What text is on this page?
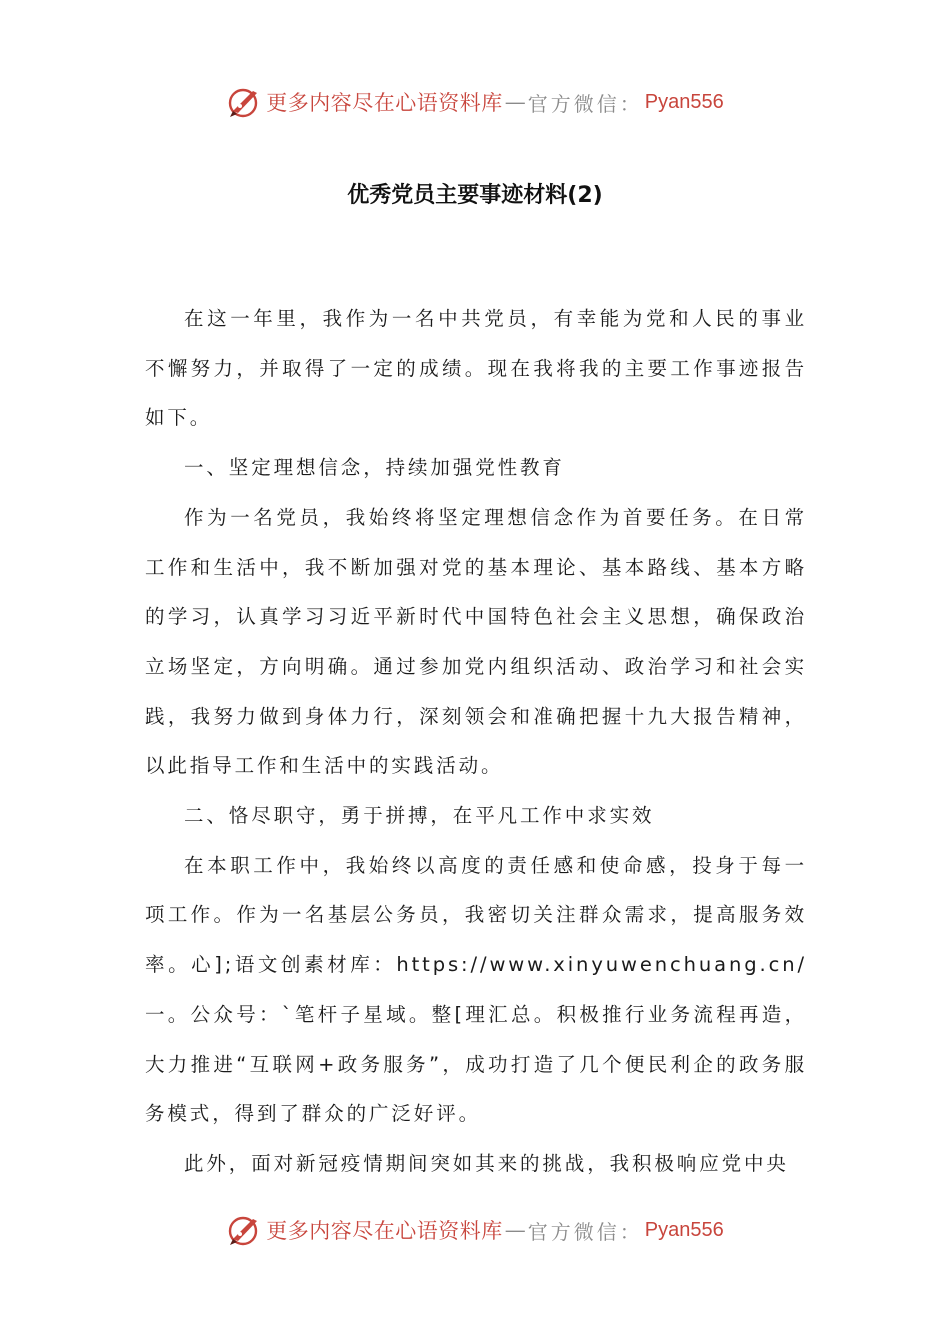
更多内容尽在心语资料库 — 官方微信： Pyan556
优秀党员主要事迹材料(2)

在这一年里，我作为一名中共党员，有幸能为党和人民的事业不懈努力，并取得了一定的成绩。现在我将我的主要工作事迹报告如下。

一、坚定理想信念，持续加强党性教育

作为一名党员，我始终将坚定理想信念作为首要任务。在日常工作和生活中，我不断加强对党的基本理论、基本路线、基本方略的学习，认真学习习近平新时代中国特色社会主义思想，确保政治立场坚定，方向明确。通过参加党内组织活动、政治学习和社会实践，我努力做到身体力行，深刻领会和准确把握十九大报告精神，以此指导工作和生活中的实践活动。

二、恪尽职守，勇于拼搏，在平凡工作中求实效

在本职工作中，我始终以高度的责任感和使命感，投身于每一项工作。作为一名基层公务员，我密切关注群众需求，提高服务效率。心];语文创素材库：https://www.xinyuwenchuang.cn/一。公众号：`笔杆子星域。整[理汇总。积极推行业务流程再造，大力推进“互联网+政务服务”，成功打造了几个便民利企的政务服务模式，得到了群众的广泛好评。

此外，面对新冠疫情期间突如其来的挑战，我积极响应党中央

更多内容尽在心语资料库 — 官方微信： Pyan556
